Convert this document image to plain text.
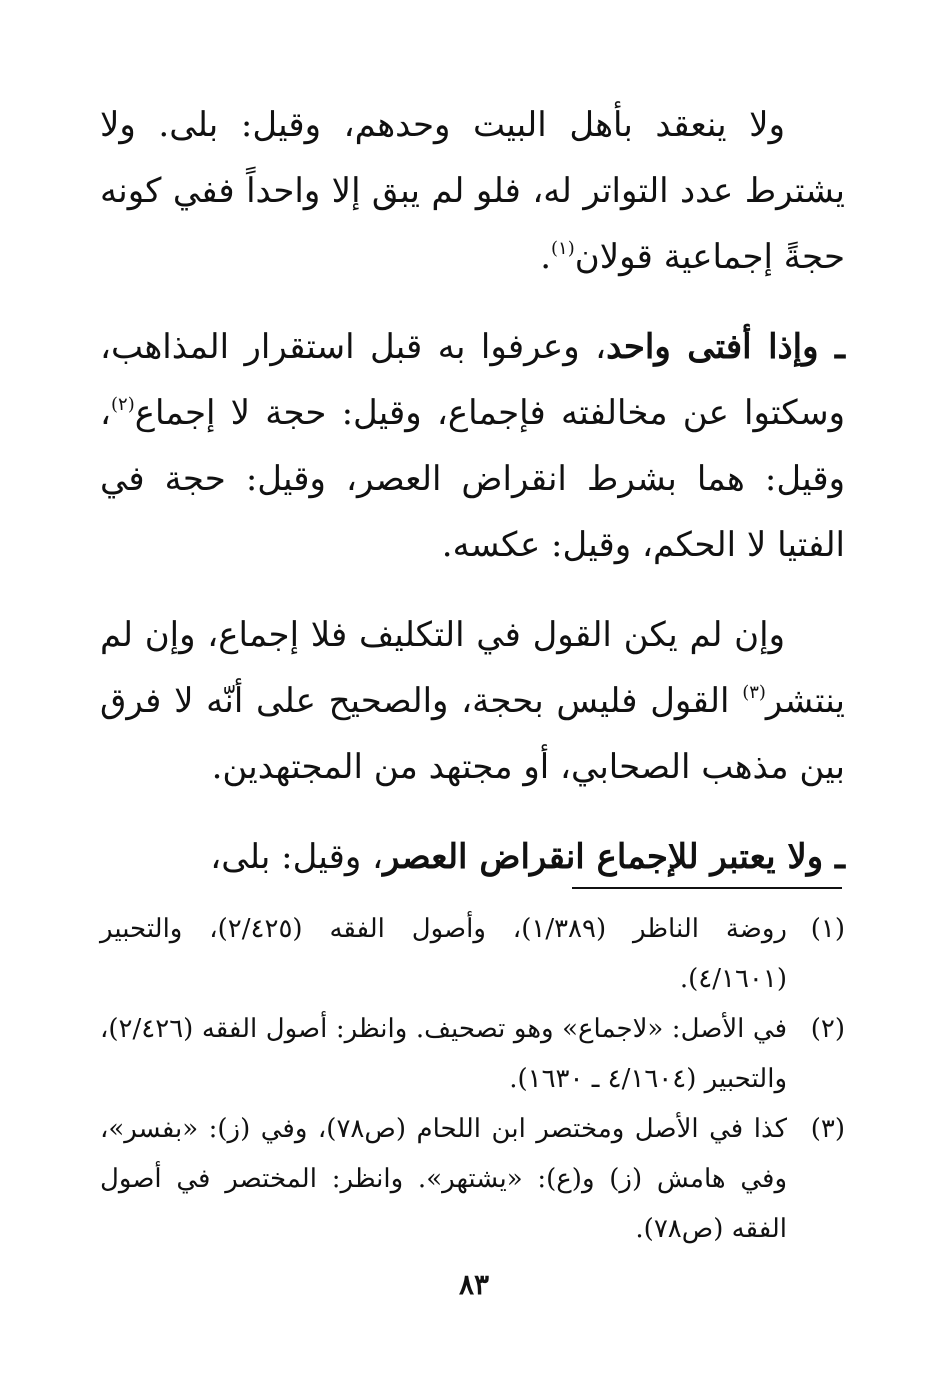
ولا ينعقد بأهل البيت وحدهم، وقيل: بلى. ولا يشترط عدد التواتر له، فلو لم يبق إلا واحداً ففي كونه حجةً إجماعية قولان$^{(١)}$.

ـ وإذا أفتى واحد، وعرفوا به قبل استقرار المذاهب، وسكتوا عن مخالفته فإجماع، وقيل: حجة لا إجماع$^{(٢)}$، وقيل: هما بشرط انقراض العصر، وقيل: حجة في الفتيا لا الحكم، وقيل: عكسه.

وإن لم يكن القول في التكليف فلا إجماع، وإن لم ينتشر$^{(٣)}$ القول فليس بحجة، والصحيح على أنّه لا فرق بين مذهب الصحابي، أو مجتهد من المجتهدين.

ـ ولا يعتبر للإجماع انقراض العصر، وقيل: بلى،

(١)
روضة الناظر (١/٣٨٩)، وأصول الفقه (٢/٤٢٥)، والتحبير (٤/١٦٠١).
(٢)
في الأصل: «لاجماع» وهو تصحيف. وانظر: أصول الفقه (٢/٤٢٦)، والتحبير (٤/١٦٠٤ ـ ١٦٣٠).
(٣)
كذا في الأصل ومختصر ابن اللحام (ص٧٨)، وفي (ز): «بفسر»، وفي هامش (ز) و(ع): «يشتهر». وانظر: المختصر في أصول الفقه (ص٧٨).
٨٣
